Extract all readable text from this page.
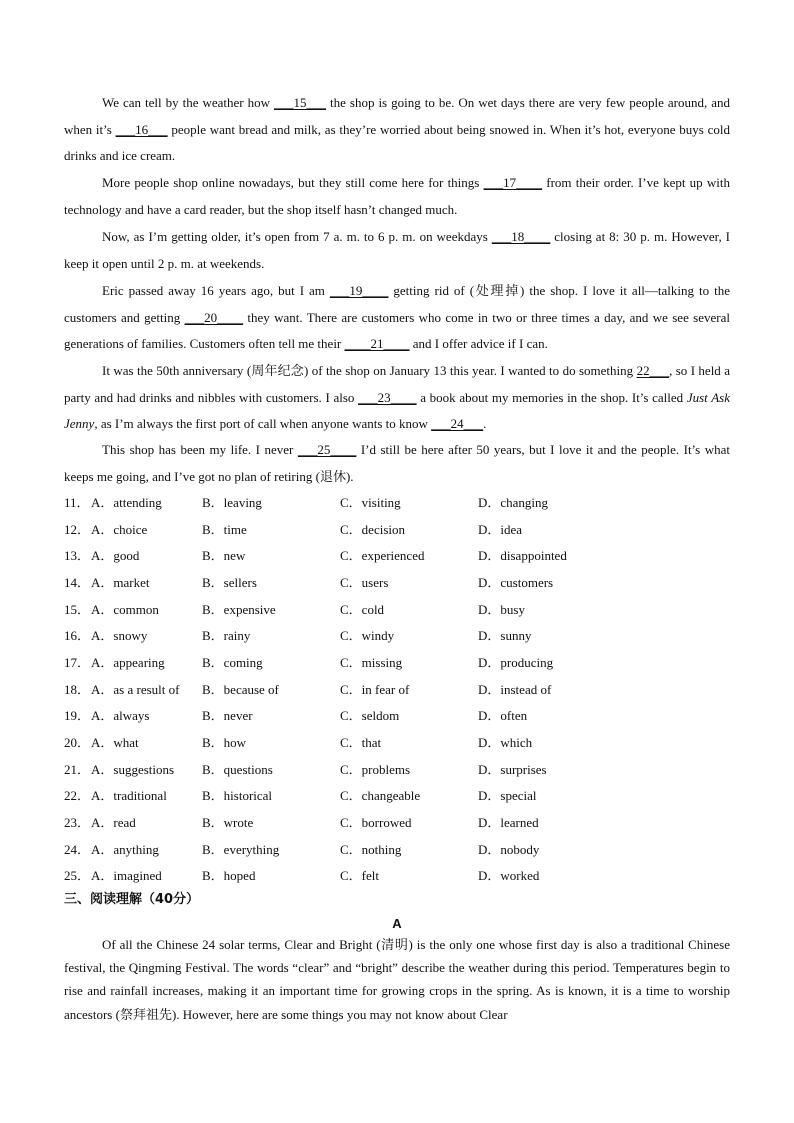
We can tell by the weather how ___15___ the shop is going to be. On wet days there are very few people around, and when it’s ___16___ people want bread and milk, as they’re worried about being snowed in. When it’s hot, everyone buys cold drinks and ice cream.

More people shop online nowadays, but they still come here for things ___17____ from their order. I’ve kept up with technology and have a card reader, but the shop itself hasn’t changed much.

Now, as I’m getting older, it’s open from 7 a. m. to 6 p. m. on weekdays ___18____ closing at 8: 30 p. m. However, I keep it open until 2 p. m. at weekends.

Eric passed away 16 years ago, but I am ___19____ getting rid of (处理掉) the shop. I love it all—talking to the customers and getting ___20____ they want. There are customers who come in two or three times a day, and we see several generations of families. Customers often tell me their ____21____ and I offer advice if I can.

It was the 50th anniversary (周年纪念) of the shop on January 13 this year. I wanted to do something 22___, so I held a party and had drinks and nibbles with customers. I also ___23____ a book about my memories in the shop. It’s called Just Ask Jenny, as I’m always the first port of call when anyone wants to know ___24___.

This shop has been my life. I never ___25____ I’d still be here after 50 years, but I love it and the people. It’s what keeps me going, and I’ve got no plan of retiring (退休).

11． A．attending	B．leaving	C．visiting	D．changing
12． A．choice	B．time	C．decision	D．idea
13． A．good	B．new	C．experienced	D．disappointed
14． A．market	B．sellers	C．users	D．customers
15． A．common	B．expensive	C．cold	D．busy
16． A．snowy	B．rainy	C．windy	D．sunny
17． A．appearing	B．coming	C．missing	D．producing
18． A．as a result of B．because of	C．in fear of	D．instead of
19． A．always	B．never	C．seldom	D．often
20． A．what	B．how	C．that	D．which
21． A．suggestions B．questions	C．problems	D．surprises
22． A．traditional	B．historical	C．changeable	D．special
23． A．read	B．wrote	C．borrowed	D．learned
24． A．anything	B．everything	C．nothing	D．nobody
25． A．imagined	B．hoped	C．felt	D．worked
三、阅读理解（40分）
A

Of all the Chinese 24 solar terms, Clear and Bright (清明) is the only one whose first day is also a traditional Chinese festival, the Qingming Festival. The words “clear” and “bright” describe the weather during this period. Temperatures begin to rise and rainfall increases, making it an important time for growing crops in the spring. As is known, it is a time to worship ancestors (祭拜祖先). However, here are some things you may not know about Clear
